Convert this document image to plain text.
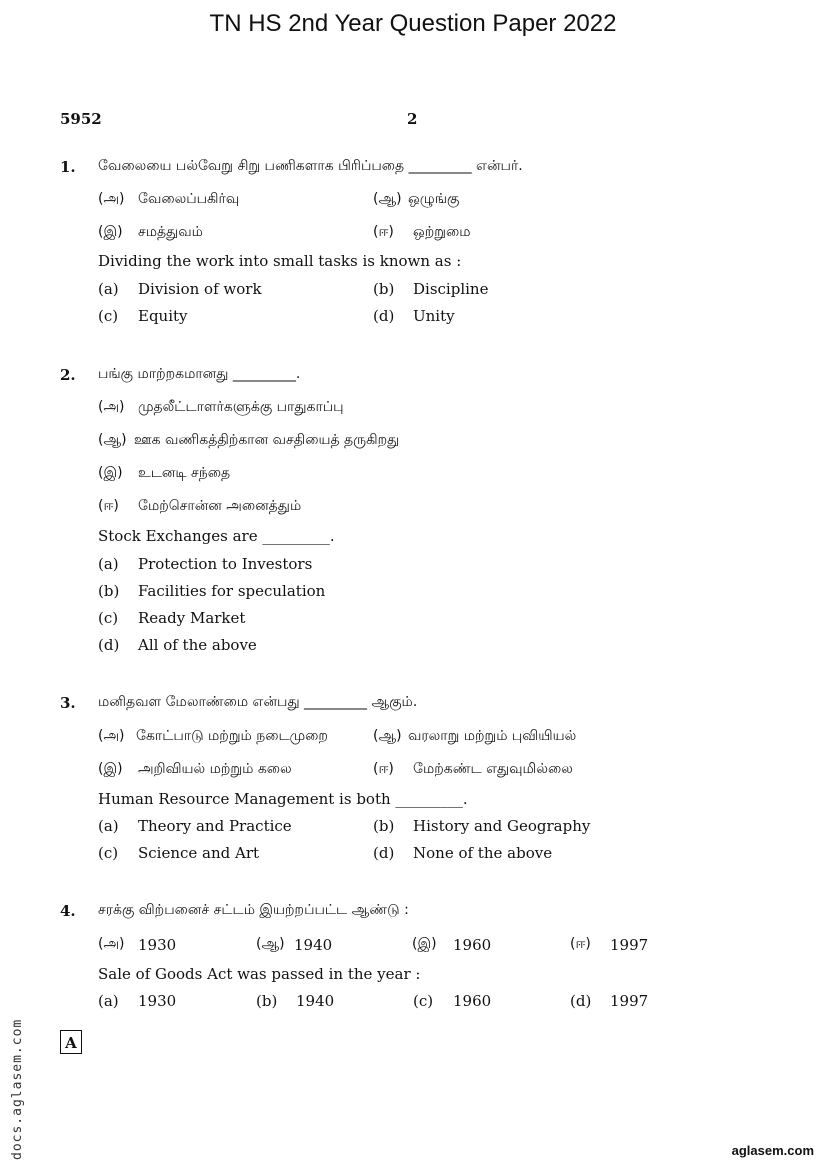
TN HS 2nd Year Question Paper 2022
5952	2
1. வேலையை பல்வேறு சிறு பணிகளாக பிரிப்பதை _________ என்பர்.
(அ) வேலைப்பகிர்வு	(ஆ) ஒழுங்கு
(இ) சமத்துவம்	(ஈ) ஒற்றுமை
Dividing the work into small tasks is known as :
(a) Division of work	(b) Discipline
(c) Equity	(d) Unity
2. பங்கு மாற்றகமானது _________.
(அ) முதலீட்டாளர்களுக்கு பாதுகாப்பு
(ஆ) ஊக வணிகத்திற்கான வசதியைத் தருகிறது
(இ) உடனடி சந்தை
(ஈ) மேற்சொன்ன அனைத்தும்
Stock Exchanges are _________.
(a) Protection to Investors
(b) Facilities for speculation
(c) Ready Market
(d) All of the above
3. மனிதவள மேலாண்மை என்பது _________ ஆகும்.
(அ) கோட்பாடு மற்றும் நடைமுறை	(ஆ) வரலாறு மற்றும் புவியியல்
(இ) அறிவியல் மற்றும் கலை	(ஈ) மேற்கண்ட எதுவுமில்லை
Human Resource Management is both _________.
(a) Theory and Practice	(b) History and Geography
(c) Science and Art	(d) None of the above
4. சரக்கு விற்பனைச் சட்டம் இயற்றப்பட்ட ஆண்டு :
(அ) 1930	(ஆ) 1940	(இ) 1960	(ஈ) 1997
Sale of Goods Act was passed in the year :
(a) 1930	(b) 1940	(c) 1960	(d) 1997
A
docs.aglasem.com	aglasem.com
